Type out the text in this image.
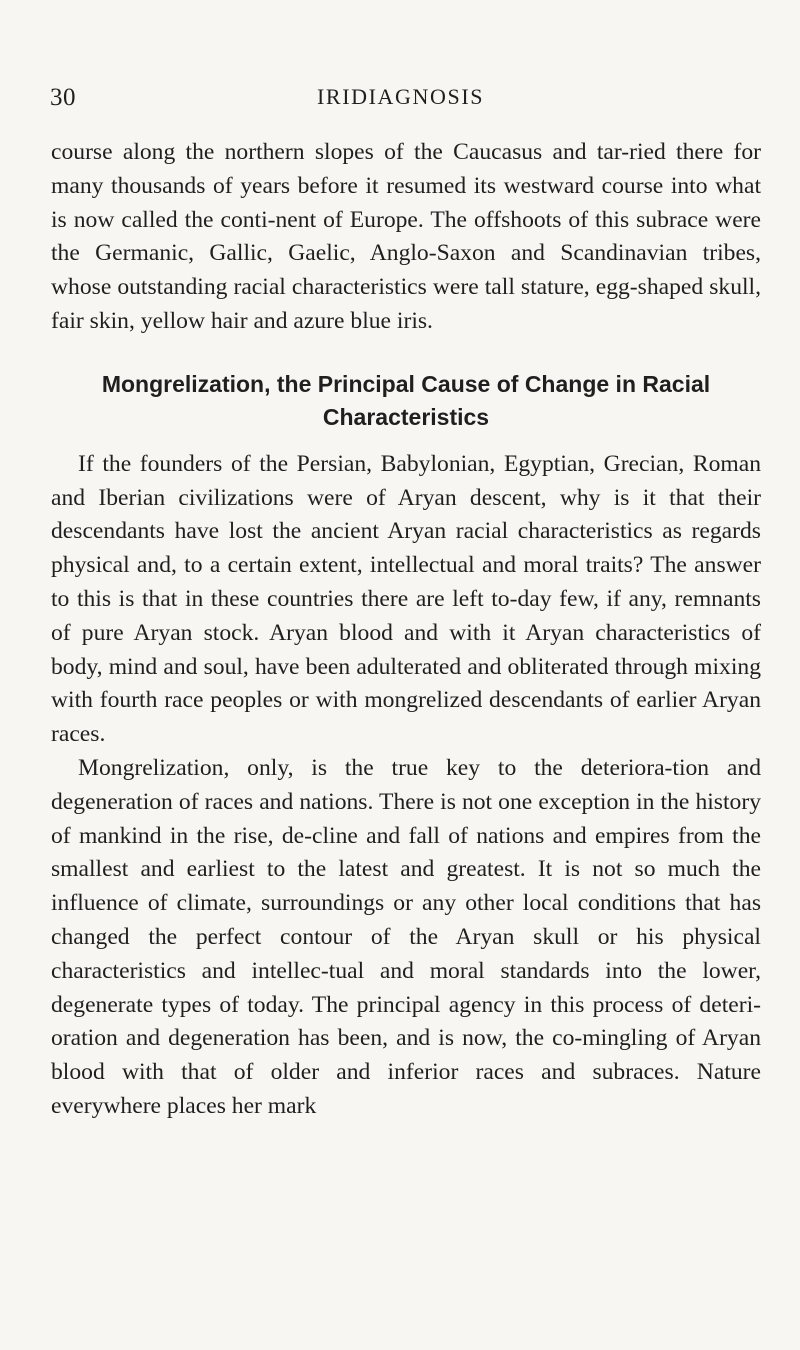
30	IRIDIAGNOSIS

course along the northern slopes of the Caucasus and tar-ried there for many thousands of years before it resumed its westward course into what is now called the conti-nent of Europe. The offshoots of this subrace were the Germanic, Gallic, Gaelic, Anglo-Saxon and Scandinavian tribes, whose outstanding racial characteristics were tall stature, egg-shaped skull, fair skin, yellow hair and azure blue iris.

Mongrelization, the Principal Cause of Change in Racial Characteristics

If the founders of the Persian, Babylonian, Egyptian, Grecian, Roman and Iberian civilizations were of Aryan descent, why is it that their descendants have lost the ancient Aryan racial characteristics as regards physical and, to a certain extent, intellectual and moral traits? The answer to this is that in these countries there are left to-day few, if any, remnants of pure Aryan stock. Aryan blood and with it Aryan characteristics of body, mind and soul, have been adulterated and obliterated through mixing with fourth race peoples or with mongrelized descendants of earlier Aryan races.

Mongrelization, only, is the true key to the deteriora-tion and degeneration of races and nations. There is not one exception in the history of mankind in the rise, de-cline and fall of nations and empires from the smallest and earliest to the latest and greatest. It is not so much the influence of climate, surroundings or any other local conditions that has changed the perfect contour of the Aryan skull or his physical characteristics and intellec-tual and moral standards into the lower, degenerate types of today. The principal agency in this process of deteri-oration and degeneration has been, and is now, the co-mingling of Aryan blood with that of older and inferior races and subraces. Nature everywhere places her mark
